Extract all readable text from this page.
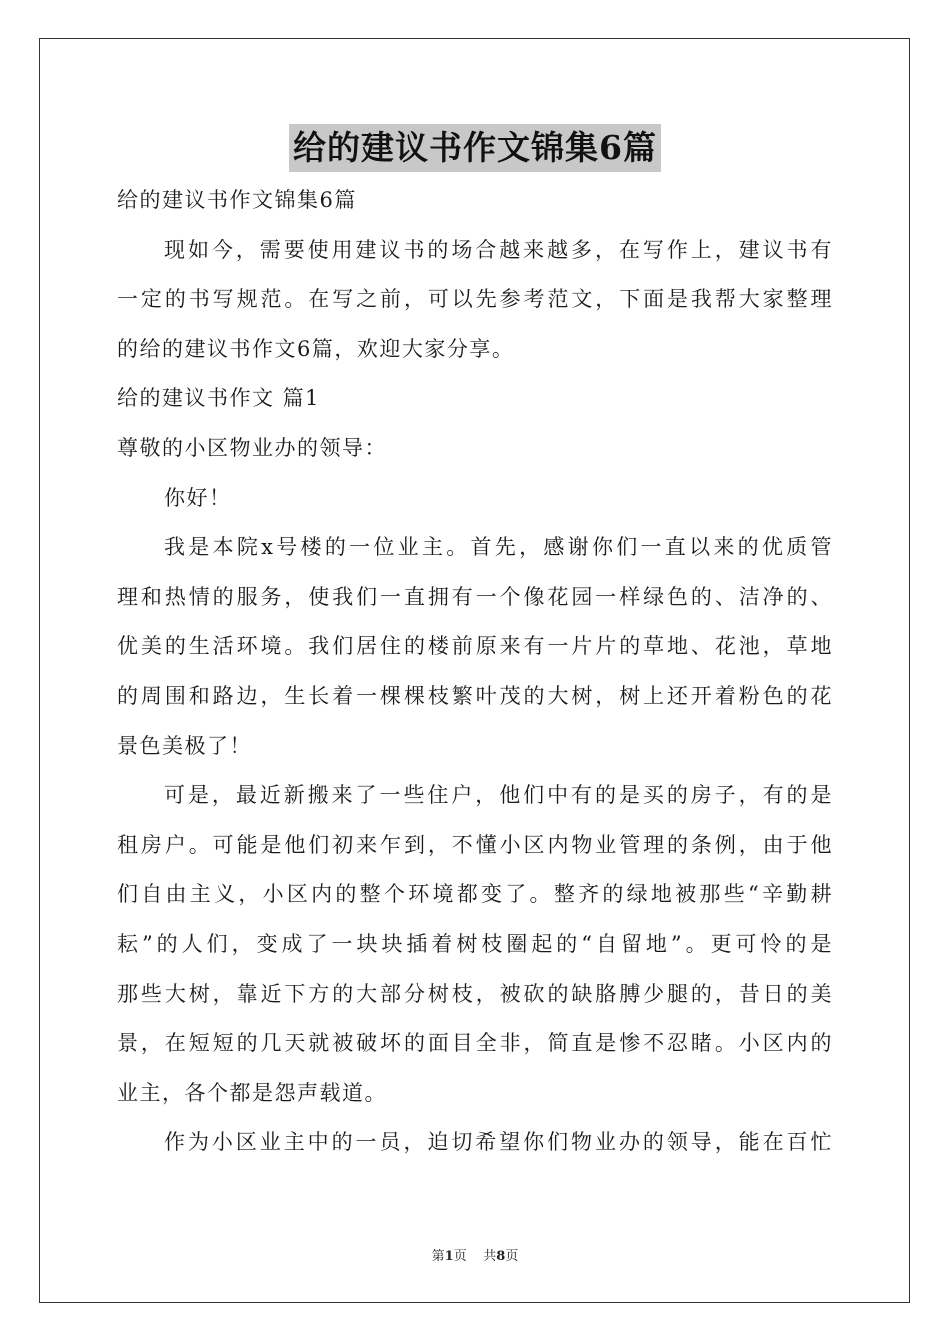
给的建议书作文锦集6篇
给的建议书作文锦集6篇
现如今，需要使用建议书的场合越来越多，在写作上，建议书有
一定的书写规范。在写之前，可以先参考范文，下面是我帮大家整理
的给的建议书作文6篇，欢迎大家分享。
给的建议书作文 篇1
尊敬的小区物业办的领导：
你好！
我是本院x号楼的一位业主。首先，感谢你们一直以来的优质管
理和热情的服务，使我们一直拥有一个像花园一样绿色的、洁净的、
优美的生活环境。我们居住的楼前原来有一片片的草地、花池，草地
的周围和路边，生长着一棵棵枝繁叶茂的大树，树上还开着粉色的花
景色美极了！
可是，最近新搬来了一些住户，他们中有的是买的房子，有的是
租房户。可能是他们初来乍到，不懂小区内物业管理的条例，由于他
们自由主义，小区内的整个环境都变了。整齐的绿地被那些“辛勤耕
耘”的人们，变成了一块块插着树枝圈起的“自留地”。更可怜的是
那些大树，靠近下方的大部分树枝，被砍的缺胳膊少腿的，昔日的美
景，在短短的几天就被破坏的面目全非，简直是惨不忍睹。小区内的
业主，各个都是怨声载道。
作为小区业主中的一员，迫切希望你们物业办的领导，能在百忙
第1页 共8页
